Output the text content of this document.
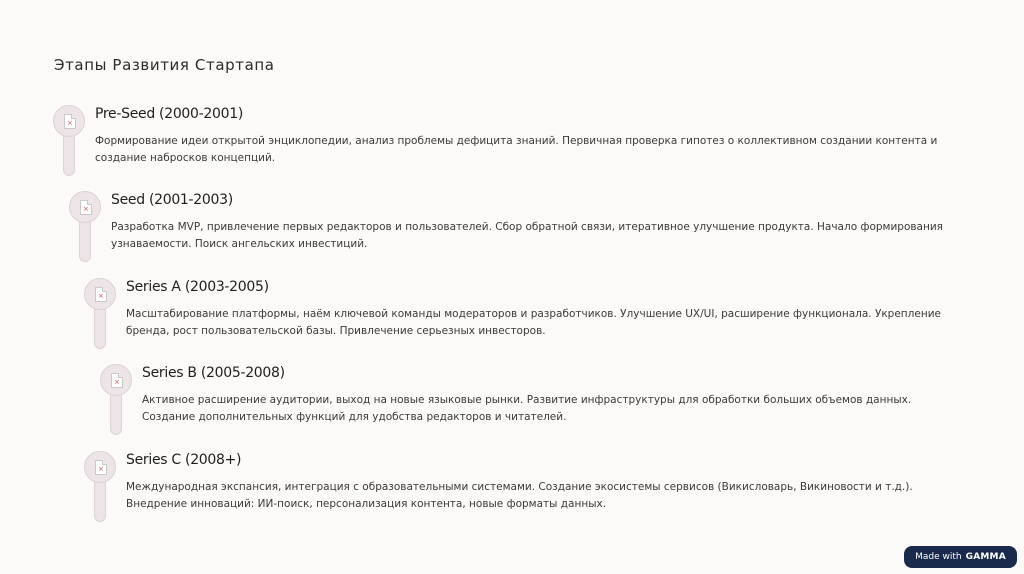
Этапы Развития Стартапа
×
Pre-Seed (2000-2001)
Формирование идеи открытой энциклопедии, анализ проблемы дефицита знаний. Первичная проверка гипотез о коллективном создании контента и создание набросков концепций.
×
Seed (2001-2003)
Разработка MVP, привлечение первых редакторов и пользователей. Сбор обратной связи, итеративное улучшение продукта. Начало формирования узнаваемости. Поиск ангельских инвестиций.
×
Series A (2003-2005)
Масштабирование платформы, наём ключевой команды модераторов и разработчиков. Улучшение UX/UI, расширение функционала. Укрепление бренда, рост пользовательской базы. Привлечение серьезных инвесторов.
×
Series B (2005-2008)
Активное расширение аудитории, выход на новые языковые рынки. Развитие инфраструктуры для обработки больших объемов данных. Создание дополнительных функций для удобства редакторов и читателей.
×
Series C (2008+)
Международная экспансия, интеграция с образовательными системами. Создание экосистемы сервисов (Викисловарь, Викиновости и т.д.). Внедрение инноваций: ИИ-поиск, персонализация контента, новые форматы данных.
Made with GAMMA
